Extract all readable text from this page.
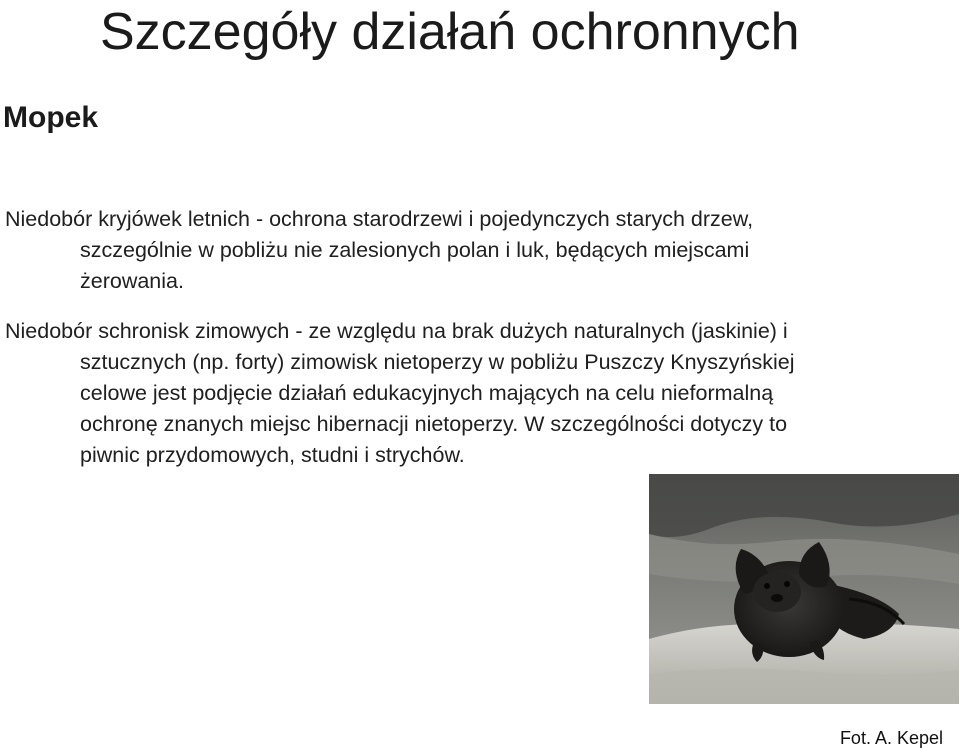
Szczegóły działań ochronnych
Mopek

Niedobór kryjówek letnich - ochrona starodrzewi i pojedynczych starych drzew,
szczególnie w pobliżu nie zalesionych polan i luk, będących miejscami
żerowania.

Niedobór schronisk zimowych - ze względu na brak dużych naturalnych (jaskinie) i
sztucznych (np. forty) zimowisk nietoperzy w pobliżu Puszczy Knyszyńskiej
celowe jest podjęcie działań edukacyjnych mających na celu nieformalną
ochronę znanych miejsc hibernacji nietoperzy. W szczególności dotyczy to
piwnic przydomowych, studni i strychów.

Fot. A. Kepel
